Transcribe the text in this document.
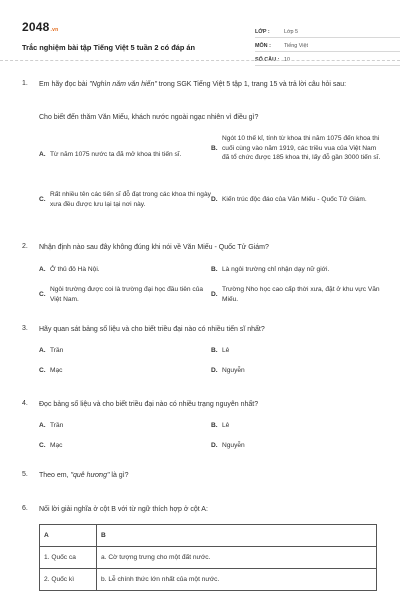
2048.vn
Trắc nghiệm bài tập Tiếng Việt 5 tuần 2 có đáp án
LỚP :	Lớp 5
MÔN :	Tiếng Việt
SỐ CÂU : 10
1. Em hãy đọc bài "Nghìn năm văn hiến" trong SGK Tiếng Việt 5 tập 1, trang 15 và trả lời câu hỏi sau:
Cho biết đến thăm Văn Miếu, khách nước ngoài ngạc nhiên vì điều gì?
A. Từ năm 1075 nước ta đã mở khoa thi tiến sĩ.
B.
Ngót 10 thế kỉ, tính từ khoa thi năm 1075 đến khoa thi cuối cùng vào năm 1919, các triều vua của Việt Nam đã tổ chức được 185 khoa thi, lấy đỗ gần 3000 tiến sĩ.
C.
Rất nhiều tên các tiến sĩ đỗ đạt trong các khoa thi ngày xưa đều được lưu lại tại nơi này.
D. Kiến trúc độc đáo của Văn Miếu - Quốc Tử Giám.
2. Nhận định nào sau đây không đúng khi nói về Văn Miếu - Quốc Tử Giám?
A. Ở thủ đô Hà Nội.	B. Là ngôi trường chỉ nhận dạy nữ giới.
C.
Ngôi trường được coi là trường đại học đầu tiên của Việt Nam.
D.
Trường Nho học cao cấp thời xưa, đặt ở khu vực Văn Miếu.
3. Hãy quan sát bảng số liệu và cho biết triều đại nào có nhiều tiến sĩ nhất?
A. Trần	B. Lê
C. Mạc	D. Nguyễn
4. Đọc bảng số liệu và cho biết triều đại nào có nhiều trạng nguyên nhất?
A. Trần	B. Lê
C. Mạc	D. Nguyễn
5. Theo em, "quê hương" là gì?
6. Nối lời giải nghĩa ở cột B với từ ngữ thích hợp ở cột A:
A	B
1. Quốc ca	a. Cờ tượng trưng cho một đất nước.
2. Quốc kì	b. Lễ chính thức lớn nhất của một nước.
